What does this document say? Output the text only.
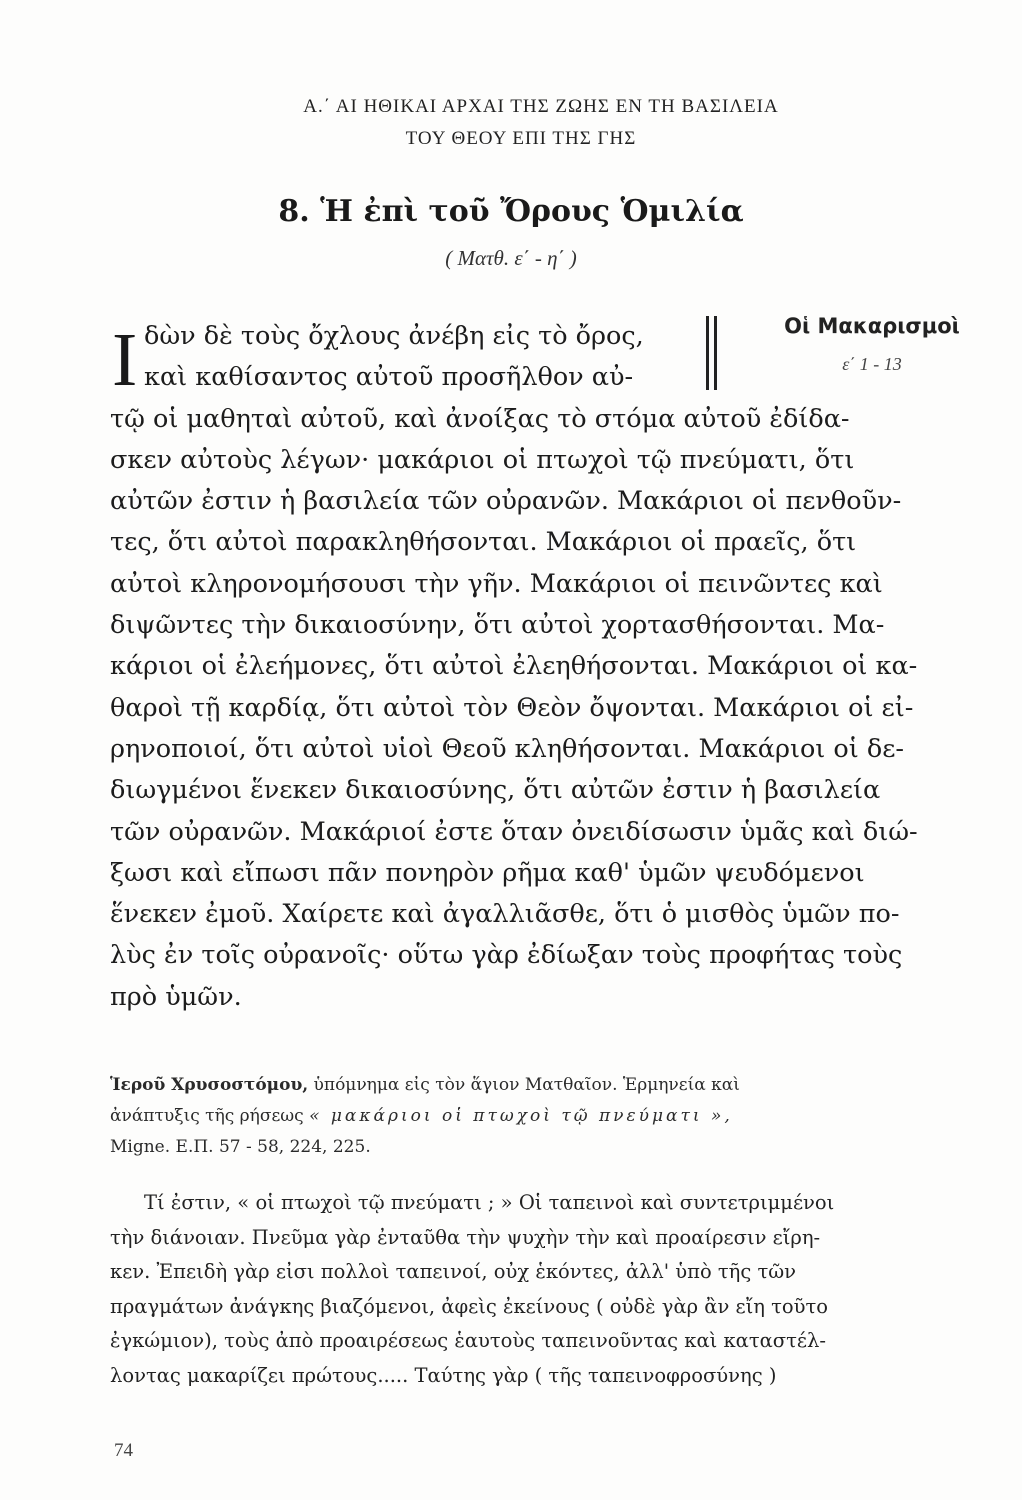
Α.΄ ΑΙ ΗΘΙΚΑΙ ΑΡΧΑΙ ΤΗΣ ΖΩΗΣ ΕΝ ΤΗ ΒΑΣΙΛΕΙΑ
ΤΟΥ ΘΕΟΥ ΕΠΙ ΤΗΣ ΓΗΣ
8. Ἡ ἐπὶ τοῦ Ὄρους Ὁμιλία
( Ματθ. ε΄ - η΄ )
Οἱ Μακαρισμοὶ
ε΄ 1 - 13
Ι δὼν δὲ τοὺς ὄχλους ἀνέβη εἰς τὸ ὄρος,
καὶ καθίσαντος αὐτοῦ προσῆλθον αὐ-
τῷ οἱ μαθηταὶ αὐτοῦ, καὶ ἀνοίξας τὸ στόμα αὐτοῦ ἐδίδα-
σκεν αὐτοὺς λέγων· μακάριοι οἱ πτωχοὶ τῷ πνεύματι, ὅτι
αὐτῶν ἐστιν ἡ βασιλεία τῶν οὐρανῶν. Μακάριοι οἱ πενθοῦν-
τες, ὅτι αὐτοὶ παρακληθήσονται. Μακάριοι οἱ πραεῖς, ὅτι
αὐτοὶ κληρονομήσουσι τὴν γῆν. Μακάριοι οἱ πεινῶντες καὶ
διψῶντες τὴν δικαιοσύνην, ὅτι αὐτοὶ χορτασθήσονται. Μα-
κάριοι οἱ ἐλεήμονες, ὅτι αὐτοὶ ἐλεηθήσονται. Μακάριοι οἱ κα-
θαροὶ τῇ καρδίᾳ, ὅτι αὐτοὶ τὸν Θεὸν ὄψονται. Μακάριοι οἱ εἰ-
ρηνοποιοί, ὅτι αὐτοὶ υἱοὶ Θεοῦ κληθήσονται. Μακάριοι οἱ δε-
διωγμένοι ἕνεκεν δικαιοσύνης, ὅτι αὐτῶν ἐστιν ἡ βασιλεία
τῶν οὐρανῶν. Μακάριοί ἐστε ὅταν ὀνειδίσωσιν ὑμᾶς καὶ διώ-
ξωσι καὶ εἴπωσι πᾶν πονηρὸν ρῆμα καθ' ὑμῶν ψευδόμενοι
ἕνεκεν ἐμοῦ. Χαίρετε καὶ ἀγαλλιᾶσθε, ὅτι ὁ μισθὸς ὑμῶν πο-
λὺς ἐν τοῖς οὐρανοῖς· οὕτω γὰρ ἐδίωξαν τοὺς προφήτας τοὺς
πρὸ ὑμῶν.
Ἱεροῦ Χρυσοστόμου, ὑπόμνημα εἰς τὸν ἅγιον Ματθαῖον. Ἑρμηνεία καὶ
ἀνάπτυξις τῆς ρήσεως « μακάριοι οἱ πτωχοὶ τῷ πνεύματι »,
Migne. Ε.Π. 57 - 58, 224, 225.
Τί ἐστιν, « οἱ πτωχοὶ τῷ πνεύματι ; » Οἱ ταπεινοὶ καὶ συντετριμμένοι
τὴν διάνοιαν. Πνεῦμα γὰρ ἐνταῦθα τὴν ψυχὴν τὴν καὶ προαίρεσιν εἴρη-
κεν. Ἐπειδὴ γὰρ εἰσι πολλοὶ ταπεινοί, οὐχ ἑκόντες, ἀλλ' ὑπὸ τῆς τῶν
πραγμάτων ἀνάγκης βιαζόμενοι, ἀφεὶς ἐκείνους ( οὐδὲ γὰρ ἂν εἴη τοῦτο
ἐγκώμιον), τοὺς ἀπὸ προαιρέσεως ἑαυτοὺς ταπεινοῦντας καὶ καταστέλ-
λοντας μακαρίζει πρώτους..... Ταύτης γὰρ ( τῆς ταπεινοφροσύνης )
74
